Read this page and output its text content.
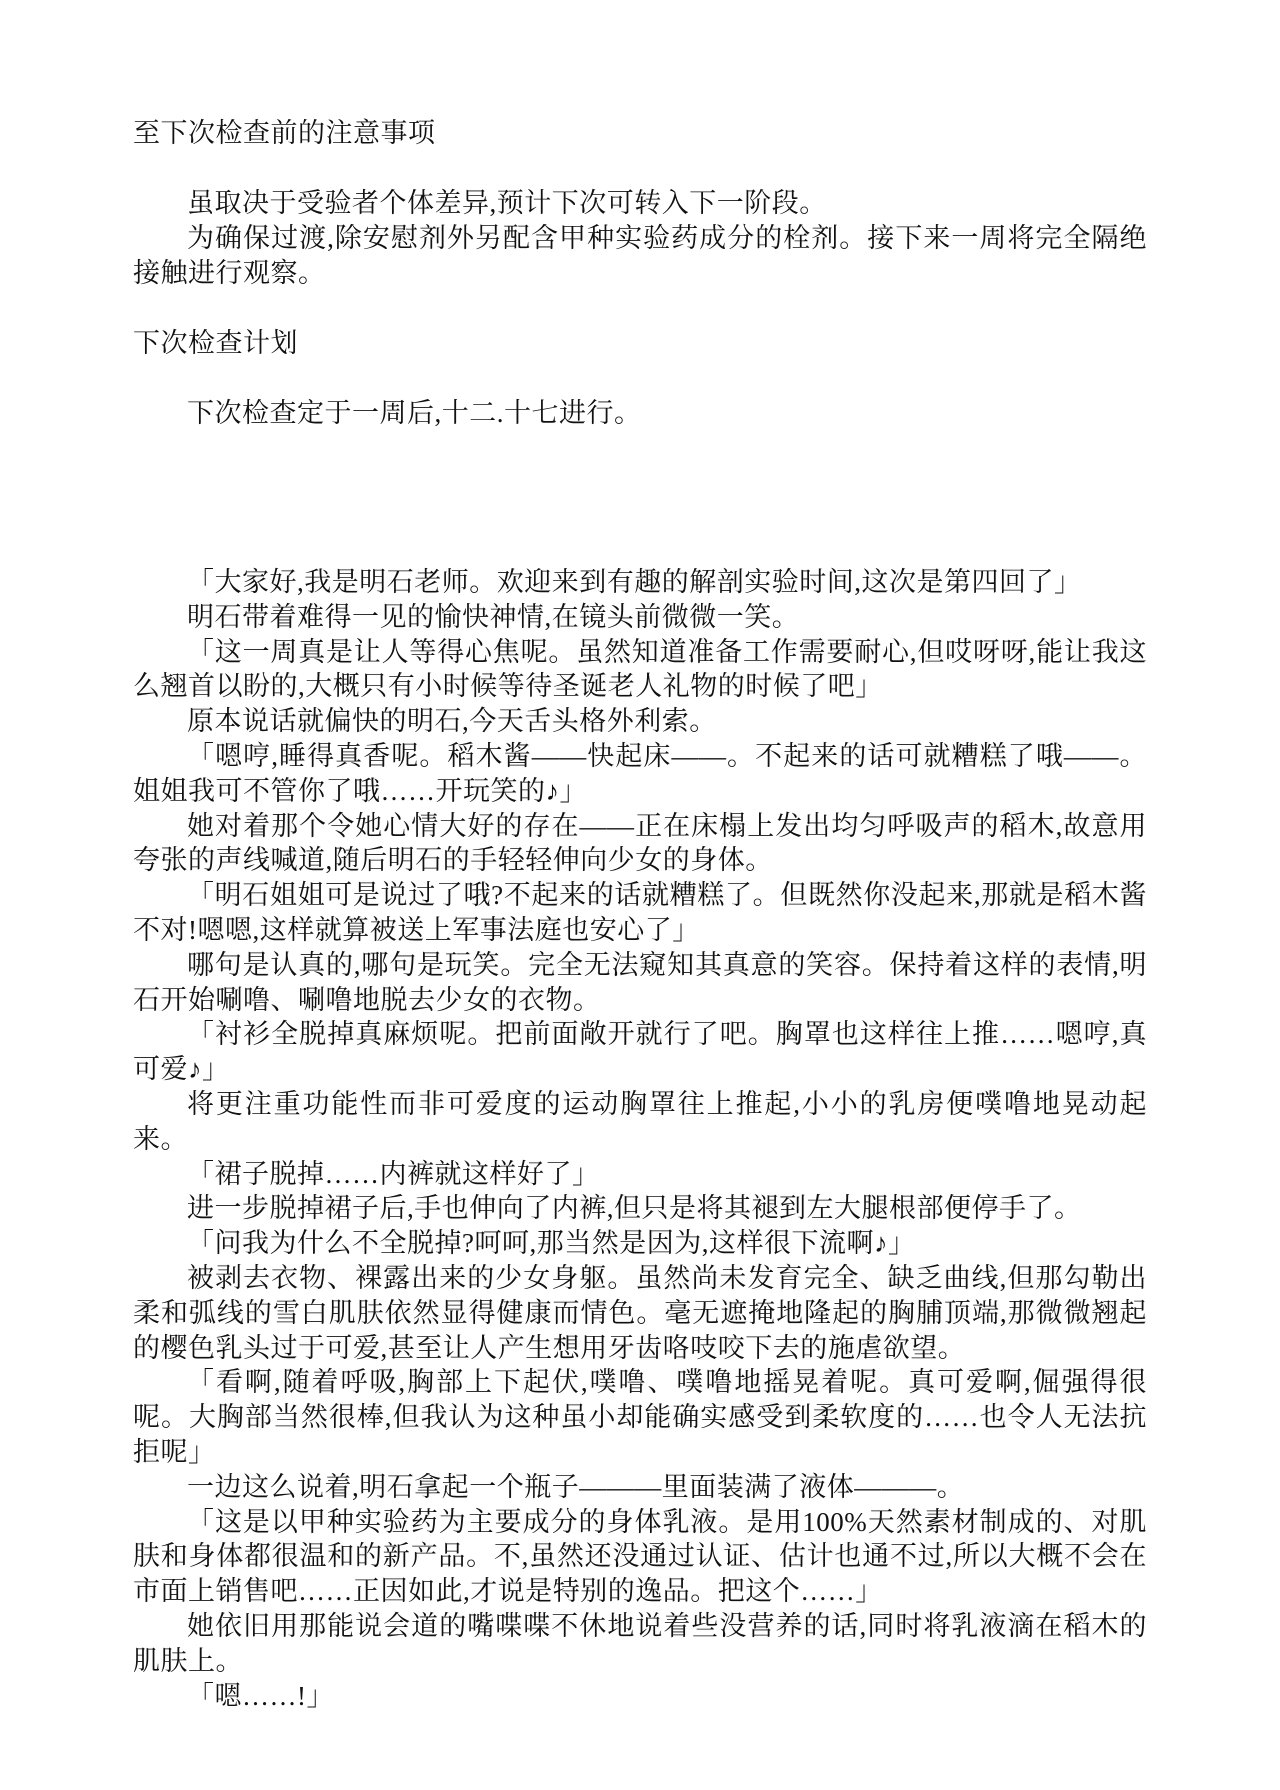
至下次检查前的注意事项

虽取决于受验者个体差异,预计下次可转入下一阶段。

为确保过渡,除安慰剂外另配含甲种实验药成分的栓剂。接下来一周将完全隔绝接触进行观察。

下次检查计划

下次检查定于一周后,十二.十七进行。

「大家好,我是明石老师。欢迎来到有趣的解剖实验时间,这次是第四回了」

明石带着难得一见的愉快神情,在镜头前微微一笑。

「这一周真是让人等得心焦呢。虽然知道准备工作需要耐心,但哎呀呀,能让我这么翘首以盼的,大概只有小时候等待圣诞老人礼物的时候了吧」

原本说话就偏快的明石,今天舌头格外利索。

「嗯哼,睡得真香呢。稻木酱——快起床——。不起来的话可就糟糕了哦——。姐姐我可不管你了哦……开玩笑的♪」

她对着那个令她心情大好的存在——正在床榻上发出均匀呼吸声的稻木,故意用夸张的声线喊道,随后明石的手轻轻伸向少女的身体。

「明石姐姐可是说过了哦?不起来的话就糟糕了。但既然你没起来,那就是稻木酱不对!嗯嗯,这样就算被送上军事法庭也安心了」

哪句是认真的,哪句是玩笑。完全无法窥知其真意的笑容。保持着这样的表情,明石开始唰噜、唰噜地脱去少女的衣物。

「衬衫全脱掉真麻烦呢。把前面敞开就行了吧。胸罩也这样往上推……嗯哼,真可爱♪」

将更注重功能性而非可爱度的运动胸罩往上推起,小小的乳房便噗噜地晃动起来。

「裙子脱掉……内裤就这样好了」

进一步脱掉裙子后,手也伸向了内裤,但只是将其褪到左大腿根部便停手了。

「问我为什么不全脱掉?呵呵,那当然是因为,这样很下流啊♪」

被剥去衣物、裸露出来的少女身躯。虽然尚未发育完全、缺乏曲线,但那勾勒出柔和弧线的雪白肌肤依然显得健康而情色。毫无遮掩地隆起的胸脯顶端,那微微翘起的樱色乳头过于可爱,甚至让人产生想用牙齿咯吱咬下去的施虐欲望。

「看啊,随着呼吸,胸部上下起伏,噗噜、噗噜地摇晃着呢。真可爱啊,倔强得很呢。大胸部当然很棒,但我认为这种虽小却能确实感受到柔软度的……也令人无法抗拒呢」

一边这么说着,明石拿起一个瓶子———里面装满了液体———。

「这是以甲种实验药为主要成分的身体乳液。是用100%天然素材制成的、对肌肤和身体都很温和的新产品。不,虽然还没通过认证、估计也通不过,所以大概不会在市面上销售吧……正因如此,才说是特别的逸品。把这个……」

她依旧用那能说会道的嘴喋喋不休地说着些没营养的话,同时将乳液滴在稻木的肌肤上。

「嗯……!」
